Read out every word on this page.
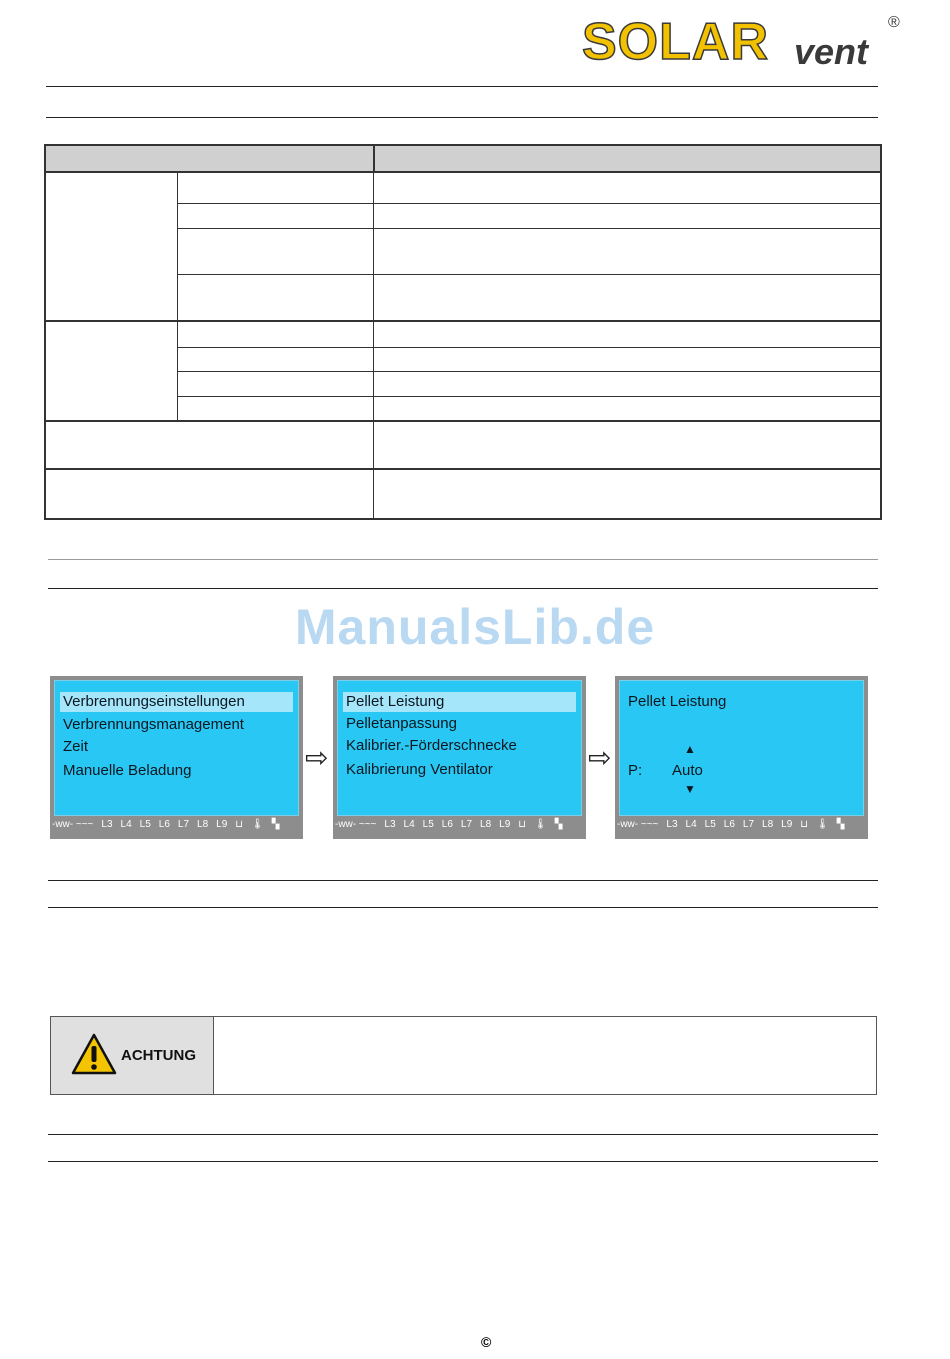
SOLAR vent
®
ManualsLib.de
Verbrennungseinstellungen
Verbrennungsmanagement
Zeit
Manuelle Beladung
-ww- ~~~ L3 L4 L5 L6 L7 L8 L9 ⊔ 🌡 ▚
⇨
Pellet Leistung
Pelletanpassung
Kalibrier.-Förderschnecke
Kalibrierung Ventilator
-ww- ~~~ L3 L4 L5 L6 L7 L8 L9 ⊔ 🌡 ▚
⇨
Pellet Leistung
▲
P: Auto
▼
-ww- ~~~ L3 L4 L5 L6 L7 L8 L9 ⊔ 🌡 ▚
ACHTUNG
©
